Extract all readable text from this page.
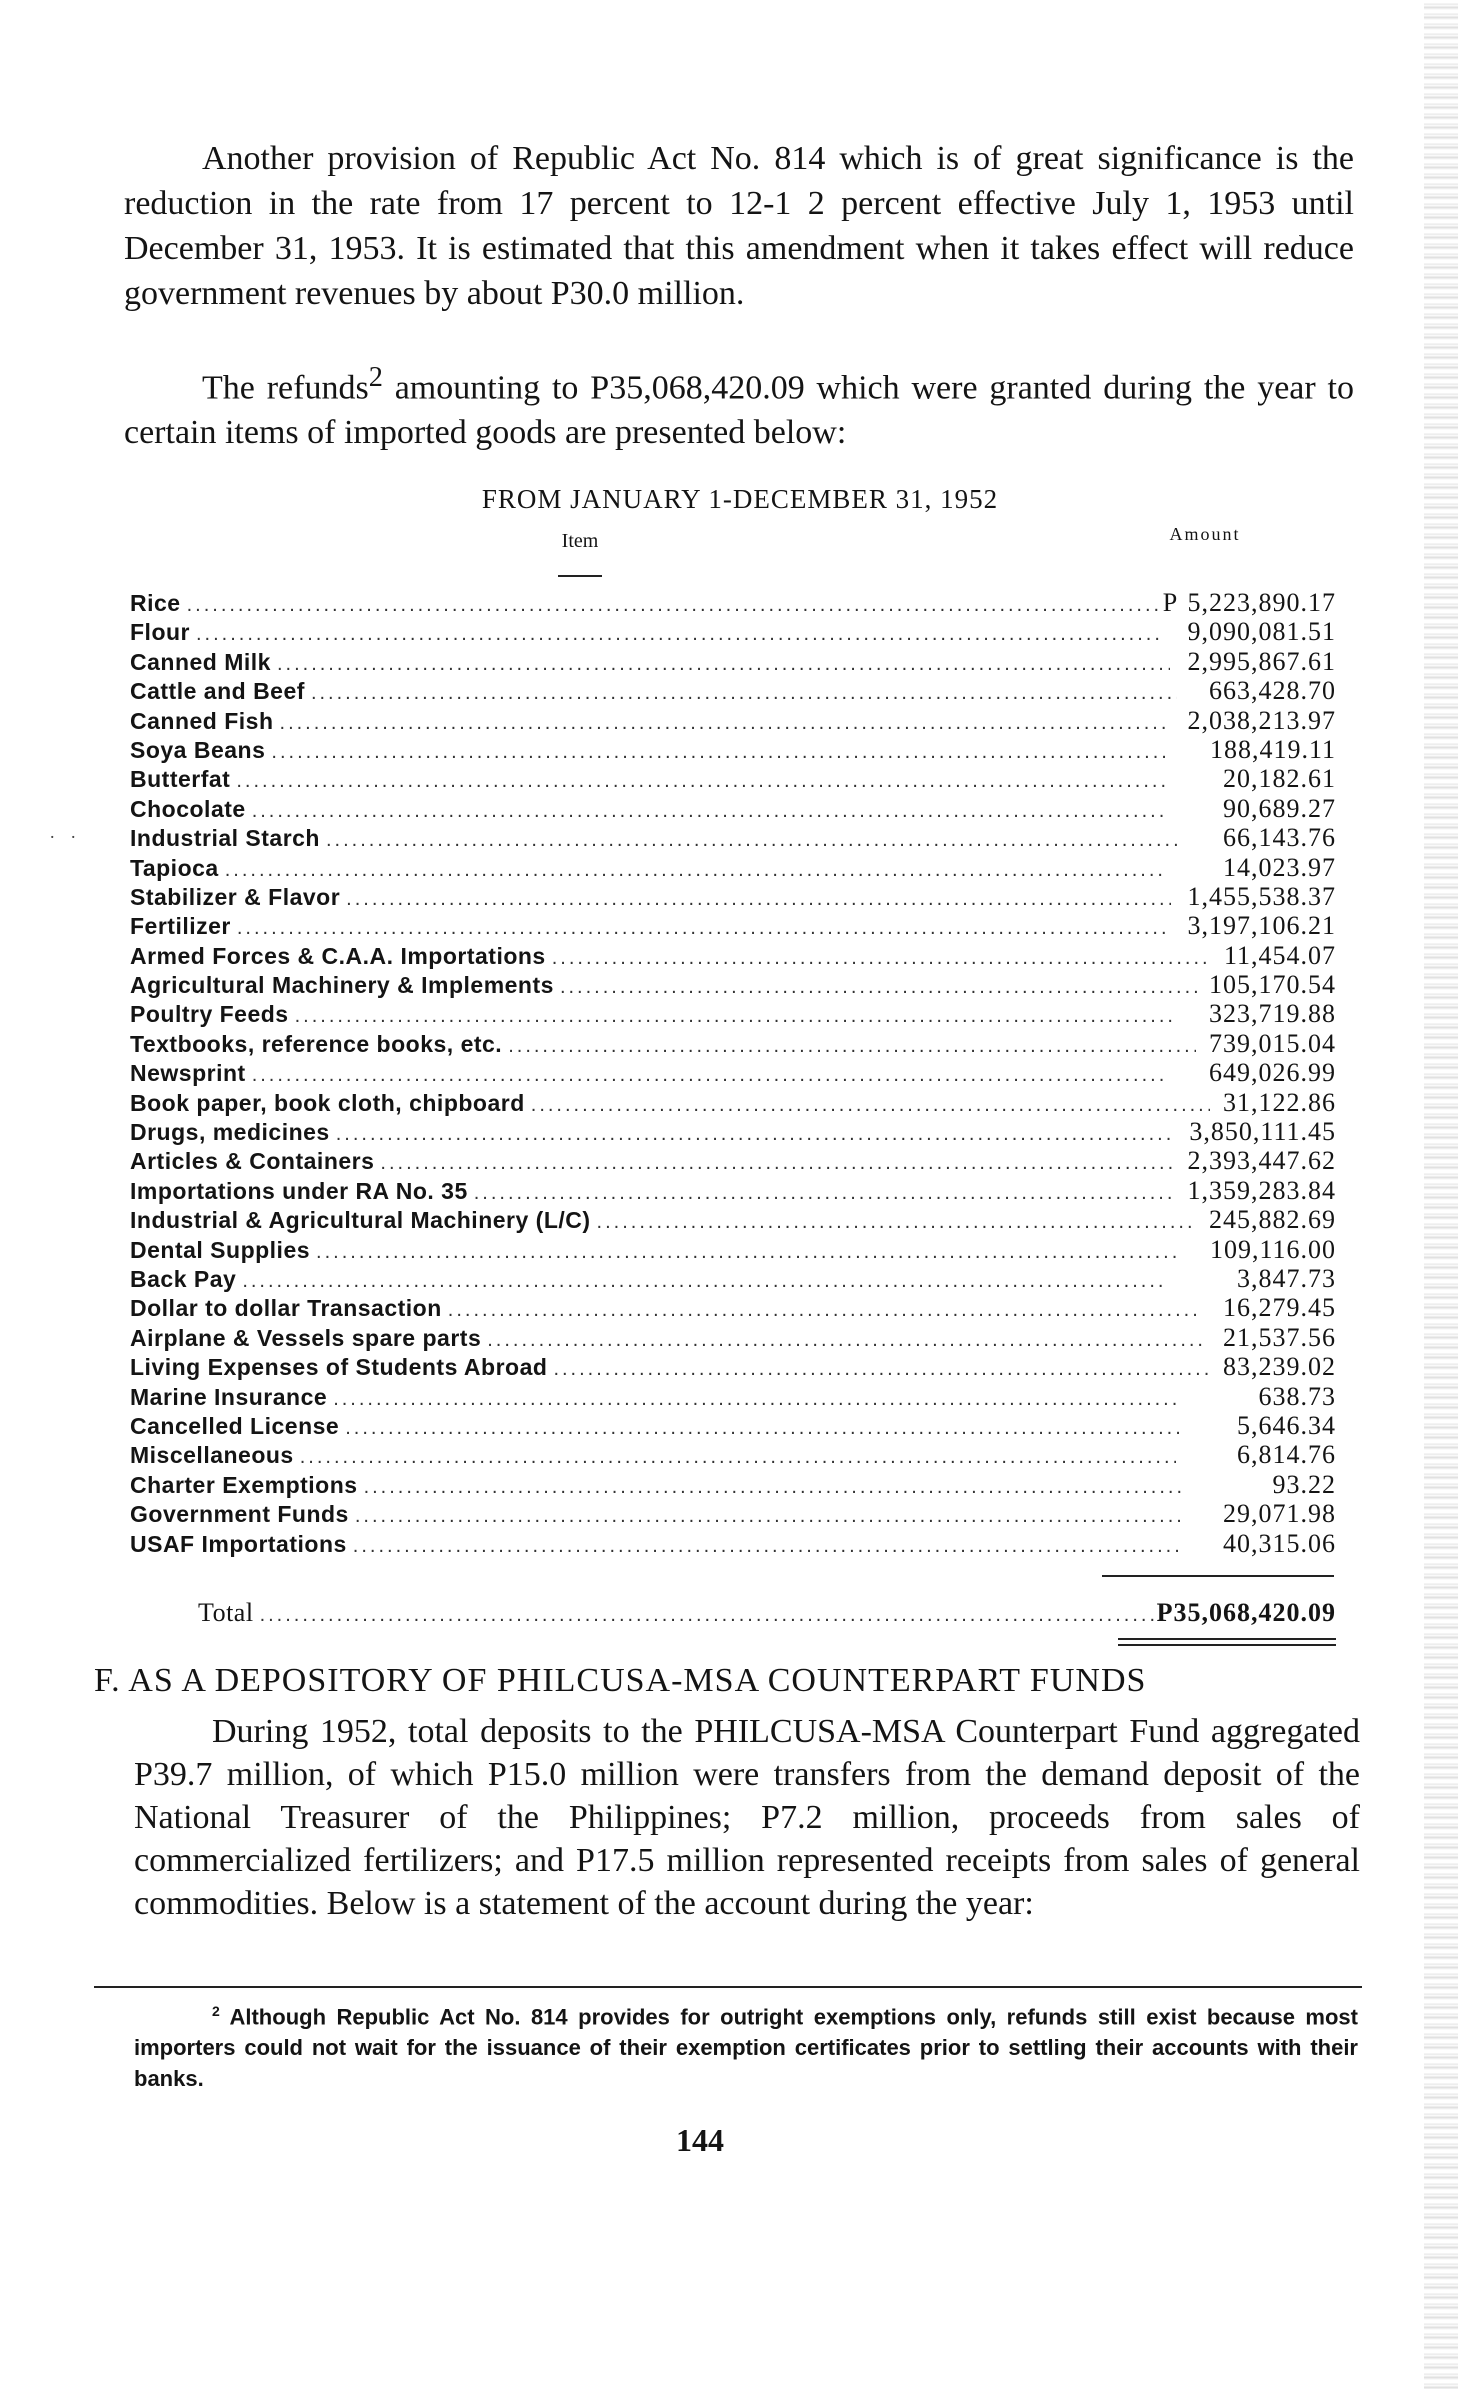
Another provision of Republic Act No. 814 which is of great significance is the reduction in the rate from 17 percent to 12-1 2 percent effective July 1, 1953 until December 31, 1953. It is estimated that this amendment when it takes effect will reduce government revenues by about P30.0 million.

The refunds$^2$ amounting to P35,068,420.09 which were granted during the year to certain items of imported goods are presented below:

FROM JANUARY 1-DECEMBER 31, 1952
Item	Amount
. .
Rice .....	P 5,223,890.17
Flour .....	9,090,081.51
Canned Milk .....	2,995,867.61
Cattle and Beef .....	663,428.70
Canned Fish .....	2,038,213.97
Soya Beans .....	188,419.11
Butterfat .....	20,182.61
Chocolate .....	90,689.27
Industrial Starch .....	66,143.76
Tapioca .....	14,023.97
Stabilizer & Flavor .....	1,455,538.37
Fertilizer .....	3,197,106.21
Armed Forces & C.A.A. Importations .....	11,454.07
Agricultural Machinery & Implements .....	105,170.54
Poultry Feeds .....	323,719.88
Textbooks, reference books, etc. .....	739,015.04
Newsprint .....	649,026.99
Book paper, book cloth, chipboard .....	31,122.86
Drugs, medicines .....	3,850,111.45
Articles & Containers .....	2,393,447.62
Importations under RA No. 35 .....	1,359,283.84
Industrial & Agricultural Machinery (L/C) .....	245,882.69
Dental Supplies .....	109,116.00
Back Pay .....	3,847.73
Dollar to dollar Transaction .....	16,279.45
Airplane & Vessels spare parts .....	21,537.56
Living Expenses of Students Abroad .....	83,239.02
Marine Insurance .....	638.73
Cancelled License .....	5,646.34
Miscellaneous .....	6,814.76
Charter Exemptions .....	93.22
Government Funds .....	29,071.98
USAF Importations .....	40,315.06
Total .....	P35,068,420.09
F. AS A DEPOSITORY OF PHILCUSA-MSA COUNTERPART FUNDS

During 1952, total deposits to the PHILCUSA-MSA Counterpart Fund aggregated P39.7 million, of which P15.0 million were transfers from the demand deposit of the National Treasurer of the Philippines; P7.2 million, proceeds from sales of commercialized fertilizers; and P17.5 million represented receipts from sales of general commodities. Below is a statement of the account during the year:

$^2$ Although Republic Act No. 814 provides for outright exemptions only, refunds still exist because most importers could not wait for the issuance of their exemption certificates prior to settling their accounts with their banks.

144
